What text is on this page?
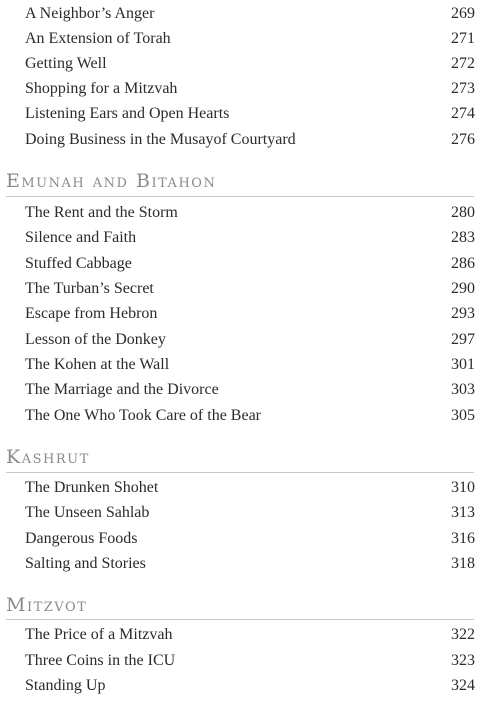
A Neighbor’s Anger	269
An Extension of Torah	271
Getting Well	272
Shopping for a Mitzvah	273
Listening Ears and Open Hearts	274
Doing Business in the Musayof Courtyard	276
Emunah and Bitahon
The Rent and the Storm	280
Silence and Faith	283
Stuffed Cabbage	286
The Turban’s Secret	290
Escape from Hebron	293
Lesson of the Donkey	297
The Kohen at the Wall	301
The Marriage and the Divorce	303
The One Who Took Care of the Bear	305
Kashrut
The Drunken Shohet	310
The Unseen Sahlab	313
Dangerous Foods	316
Salting and Stories	318
Mitzvot
The Price of a Mitzvah	322
Three Coins in the ICU	323
Standing Up	324
